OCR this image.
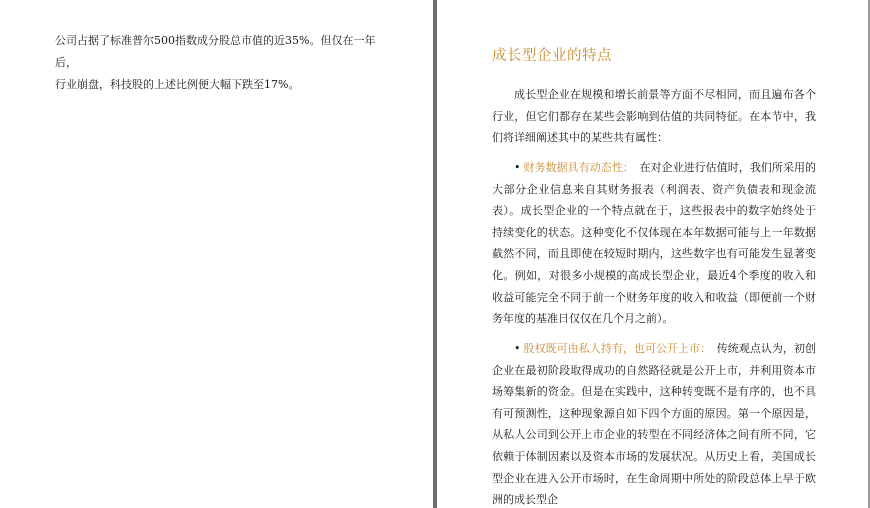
公司占据了标准普尔500指数成分股总市值的近35%。但仅在一年后，

行业崩盘，科技股的上述比例便大幅下跌至17%。

成长型企业的特点

成长型企业在规模和增长前景等方面不尽相同，而且遍布各个行业，但它们都存在某些会影响到估值的共同特征。在本节中，我们将详细阐述其中的某些共有属性：

• 财务数据具有动态性：  在对企业进行估值时，我们所采用的大部分企业信息来自其财务报表（利润表、资产负债表和现金流表）。成长型企业的一个特点就在于，这些报表中的数字始终处于持续变化的状态。这种变化不仅体现在本年数据可能与上一年数据截然不同，而且即使在较短时期内，这些数字也有可能发生显著变化。例如，对很多小规模的高成长型企业，最近4个季度的收入和收益可能完全不同于前一个财务年度的收入和收益（即便前一个财务年度的基准日仅仅在几个月之前）。

• 股权既可由私人持有，也可公开上市：  传统观点认为，初创企业在最初阶段取得成功的自然路径就是公开上市，并利用资本市场筹集新的资金。但是在实践中，这种转变既不是有序的，也不具有可预测性，这种现象源自如下四个方面的原因。第一个原因是，从私人公司到公开上市企业的转型在不同经济体之间有所不同，它依赖于体制因素以及资本市场的发展状况。从历史上看，美国成长型企业在进入公开市场时，在生命周期中所处的阶段总体上早于欧洲的成长型企
